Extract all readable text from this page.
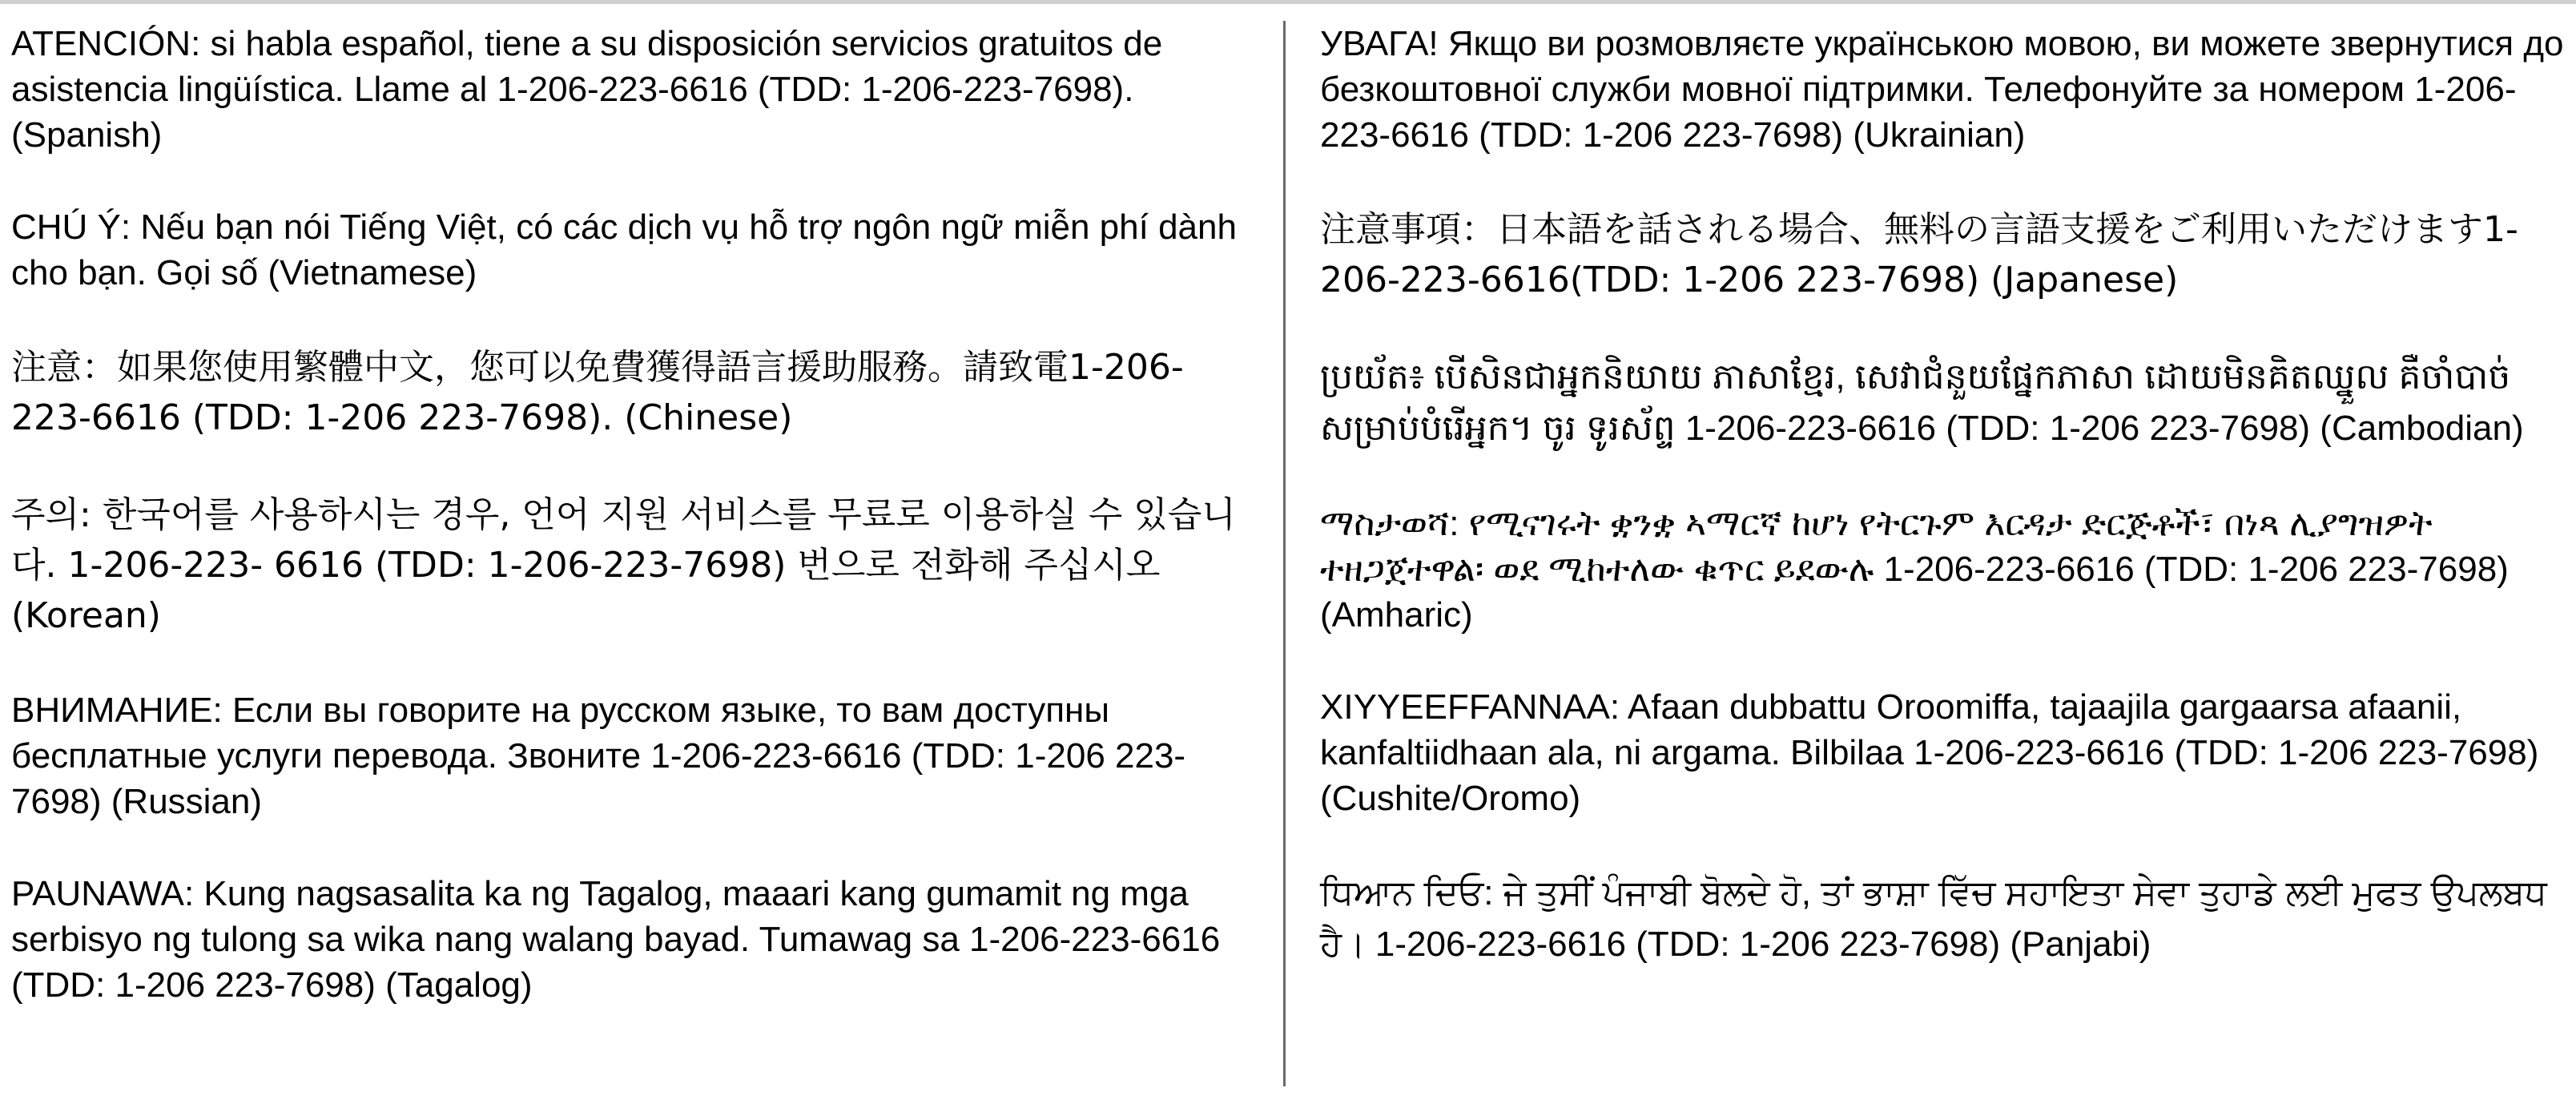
ATENCIÓN: si habla español, tiene a su disposición servicios gratuitos de asistencia lingüística. Llame al 1-206-223-6616 (TDD: 1-206-223-7698). (Spanish)

CHÚ Ý: Nếu bạn nói Tiếng Việt, có các dịch vụ hỗ trợ ngôn ngữ miễn phí dành cho bạn. Gọi số (Vietnamese)

注意：如果您使用繁體中文，您可以免費獲得語言援助服務。請致電1-206-223-6616 (TDD: 1-206 223-7698). (Chinese)

주의: 한국어를 사용하시는 경우, 언어 지원 서비스를 무료로 이용하실 수 있습니다. 1-206-223- 6616 (TDD: 1-206-223-7698) 번으로 전화해 주십시오 (Korean)

ВНИМАНИЕ: Если вы говорите на русском языке, то вам доступны бесплатные услуги перевода. Звоните 1-206-223-6616 (TDD: 1-206 223-7698) (Russian)

PAUNAWA: Kung nagsasalita ka ng Tagalog, maaari kang gumamit ng mga serbisyo ng tulong sa wika nang walang bayad. Tumawag sa 1-206-223-6616 (TDD: 1-206 223-7698) (Tagalog)

УВАГА! Якщо ви розмовляєте українською мовою, ви можете звернутися до безкоштовної служби мовної підтримки. Телефонуйте за номером 1-206-223-6616 (TDD: 1-206 223-7698) (Ukrainian)

注意事項：日本語を話される場合、無料の言語支援をご利用いただけます1-206-223-6616(TDD: 1-206 223-7698) (Japanese)

ប្រយ័ត៖ បើសិនជាអ្នកនិយាយ ភាសាខ្មែរ, សេវាជំនួយផ្នែកភាសា ដោយមិនគិតឈ្នួល គឺចាំបាច់សម្រាប់បំរើអ្នក។ ចូរ ទូរស័ព្ទ 1-206-223-6616 (TDD: 1-206 223-7698) (Cambodian)

ማስታወሻ: የሚናገሩት ቋንቋ ኣማርኛ ከሆነ የትርጉም እርዳታ ድርጅቶች፣ በነጻ ሊያግዝዎት ተዘጋጀተዋል፡ ወደ ሚከተለው ቁጥር ይደውሉ 1-206-223-6616 (TDD: 1-206 223-7698) (Amharic)

XIYYEEFFANNAA: Afaan dubbattu Oroomiffa, tajaajila gargaarsa afaanii, kanfaltiidhaan ala, ni argama. Bilbilaa 1-206-223-6616 (TDD: 1-206 223-7698) (Cushite/Oromo)

ਧਿਆਨ ਦਿਓ: ਜੇ ਤੁਸੀਂ ਪੰਜਾਬੀ ਬੋਲਦੇ ਹੋ, ਤਾਂ ਭਾਸ਼ਾ ਵਿੱਚ ਸਹਾਇਤਾ ਸੇਵਾ ਤੁਹਾਡੇ ਲਈ ਮੁਫਤ ਉਪਲਬਧ ਹੈ। 1-206-223-6616 (TDD: 1-206 223-7698) (Panjabi)
